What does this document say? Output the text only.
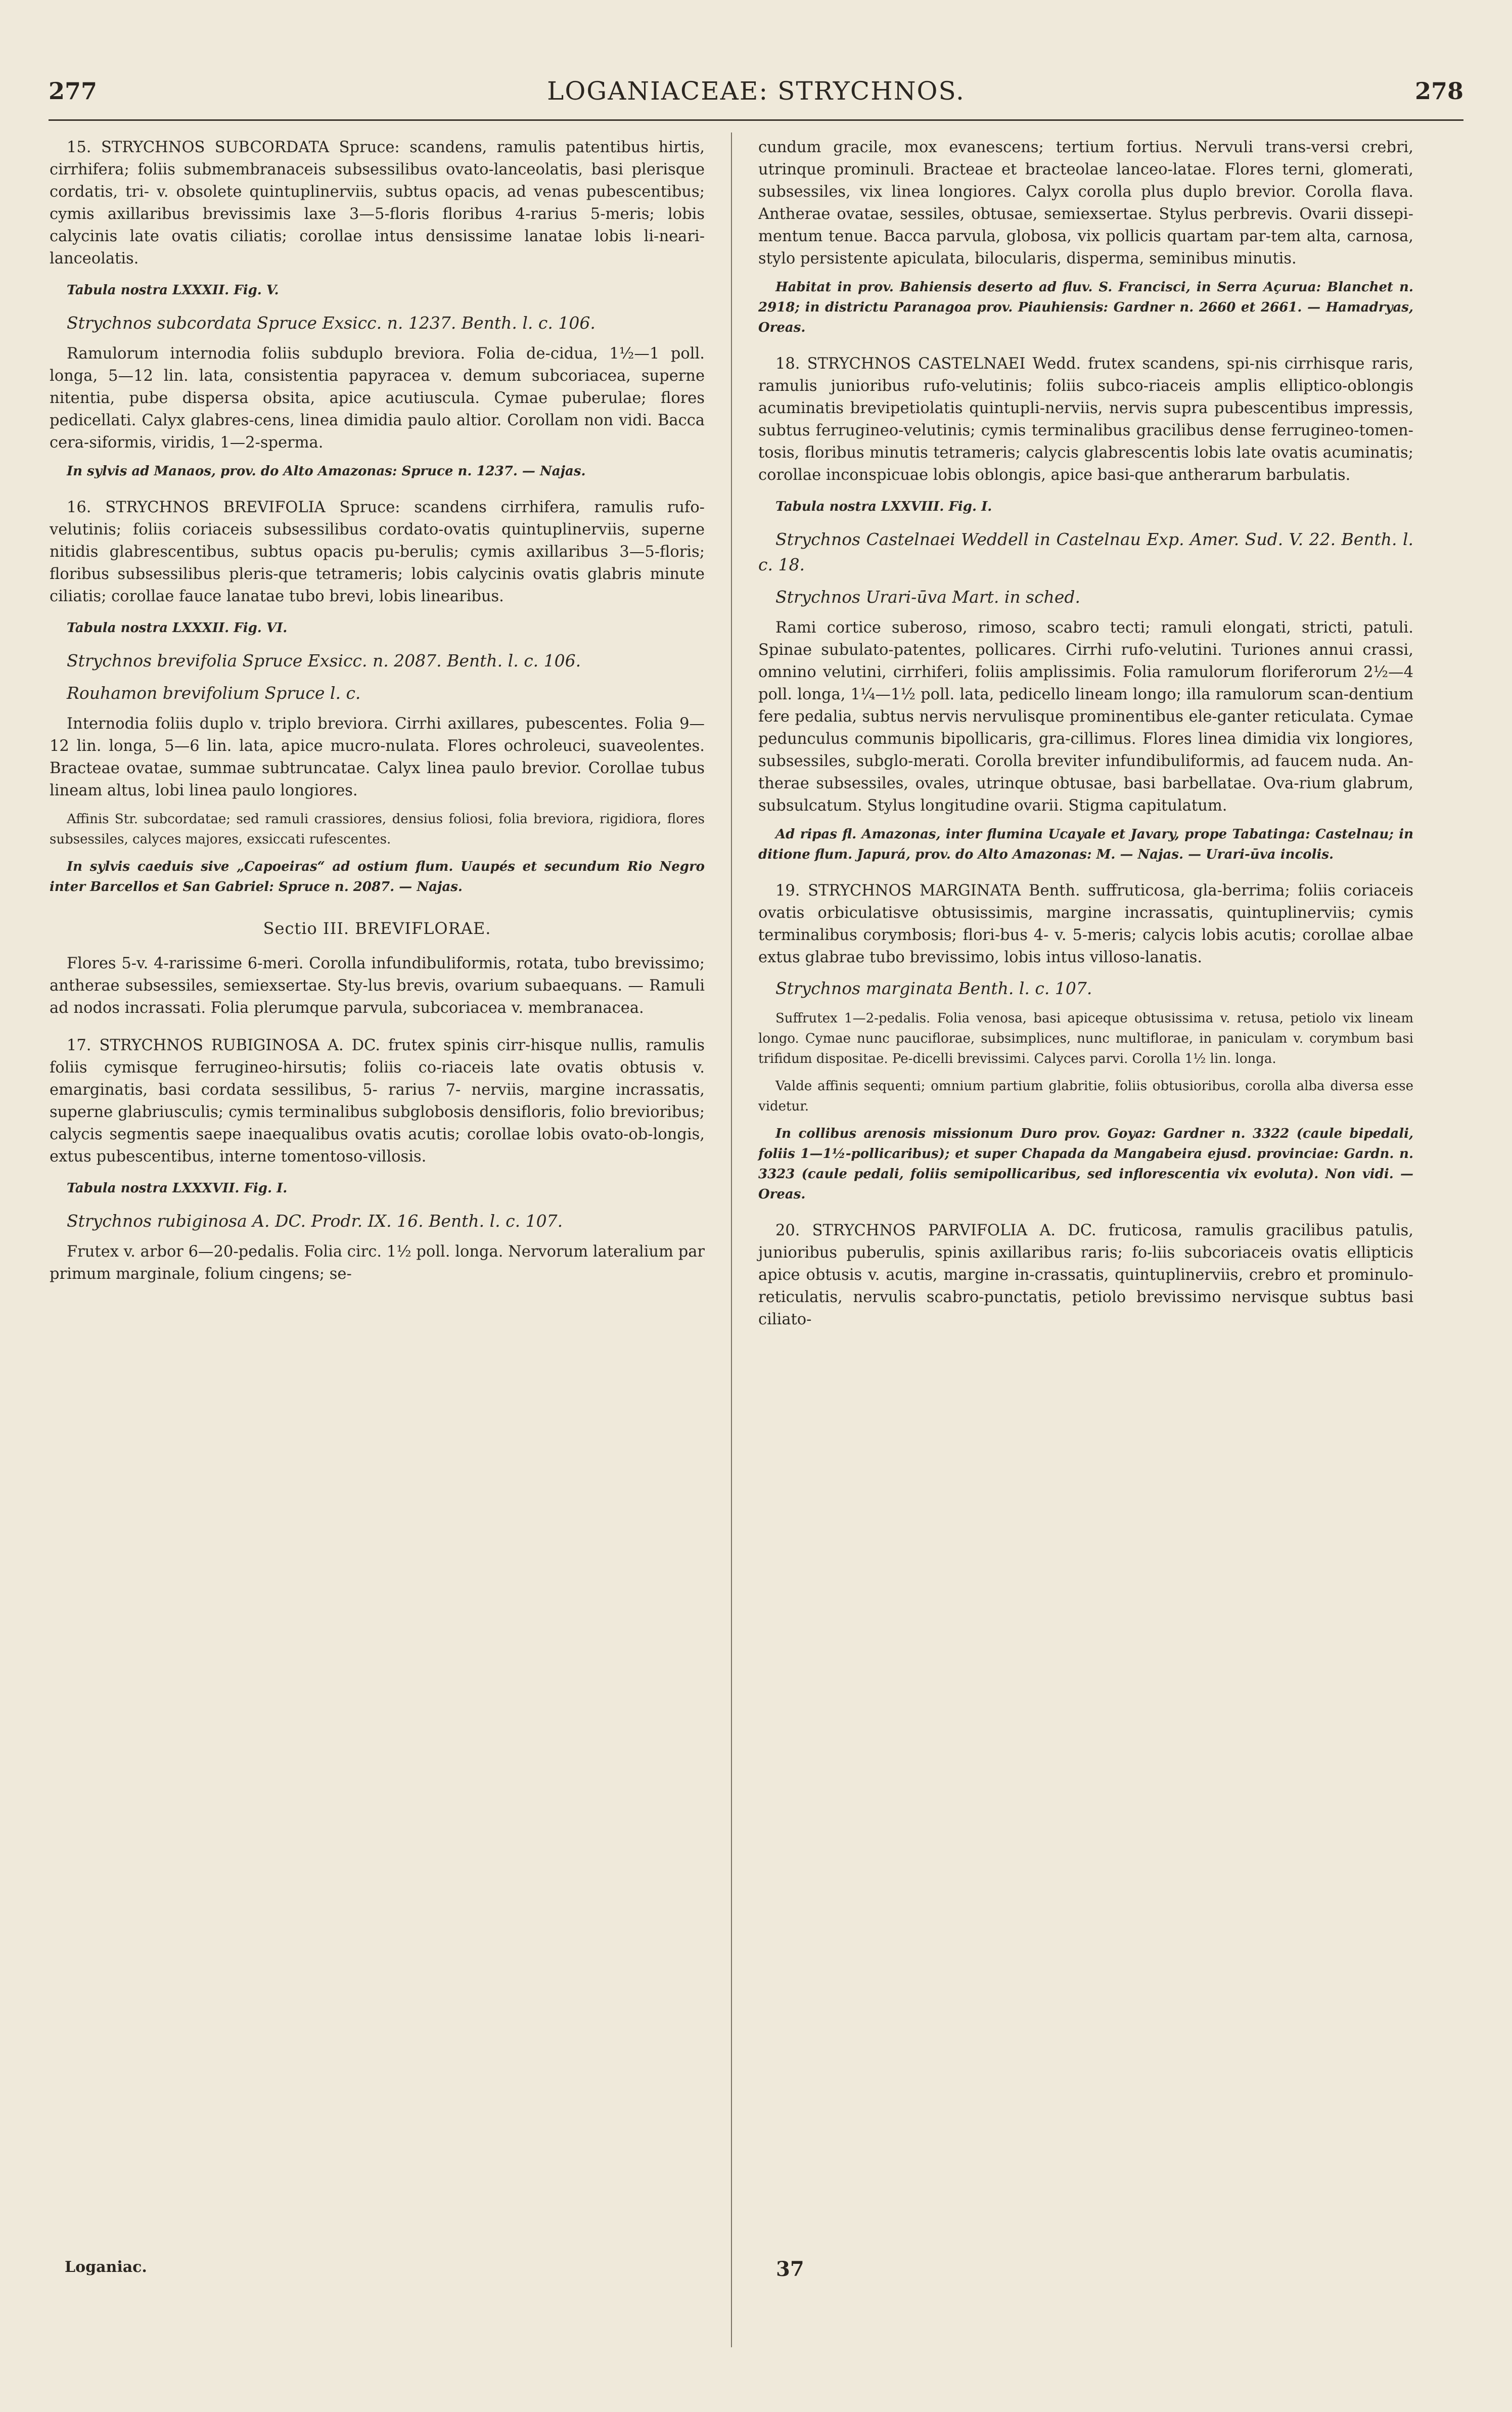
277	LOGANIACEAE: STRYCHNOS.	278

15. STRYCHNOS SUBCORDATA Spruce: scandens, ramulis patentibus hirtis, cirrhifera; foliis submembranaceis subsessilibus ovato-lanceolatis, basi plerisque cordatis, tri- v. obsolete quintuplinerviis, subtus opacis, ad venas pubescentibus; cymis axillaribus brevissimis laxe 3—5-floris floribus 4-rarius 5-meris; lobis calycinis late ovatis ciliatis; corollae intus densissime lanatae lobis li-neari-lanceolatis.

Tabula nostra LXXXII. Fig. V.

Strychnos subcordata Spruce Exsicc. n. 1237. Benth. l. c. 106.

Ramulorum internodia foliis subduplo breviora. Folia de-cidua, 1½—1 poll. longa, 5—12 lin. lata, consistentia papyracea v. demum subcoriacea, superne nitentia, pube dispersa obsita, apice acutiuscula. Cymae puberulae; flores pedicellati. Calyx glabres-cens, linea dimidia paulo altior. Corollam non vidi. Bacca cera-siformis, viridis, 1—2-sperma.

In sylvis ad Manaos, prov. do Alto Amazonas: Spruce n. 1237. — Najas.

16. STRYCHNOS BREVIFOLIA Spruce: scandens cirrhifera, ramulis rufo-velutinis; foliis coriaceis subsessilibus cordato-ovatis quintuplinerviis, superne nitidis glabrescentibus, subtus opacis pu-berulis; cymis axillaribus 3—5-floris; floribus subsessilibus pleris-que tetrameris; lobis calycinis ovatis glabris minute ciliatis; corollae fauce lanatae tubo brevi, lobis linearibus.

Tabula nostra LXXXII. Fig. VI.

Strychnos brevifolia Spruce Exsicc. n. 2087. Benth. l. c. 106.

Rouhamon brevifolium Spruce l. c.

Internodia foliis duplo v. triplo breviora. Cirrhi axillares, pubescentes. Folia 9—12 lin. longa, 5—6 lin. lata, apice mucro-nulata. Flores ochroleuci, suaveolentes. Bracteae ovatae, summae subtruncatae. Calyx linea paulo brevior. Corollae tubus lineam altus, lobi linea paulo longiores.

Affinis Str. subcordatae; sed ramuli crassiores, densius foliosi, folia breviora, rigidiora, flores subsessiles, calyces majores, exsiccati rufescentes.

In sylvis caeduis sive „Capoeiras“ ad ostium flum. Uaupés et secundum Rio Negro inter Barcellos et San Gabriel: Spruce n. 2087. — Najas.

Sectio III. BREVIFLORAE.

Flores 5-v. 4-rarissime 6-meri. Corolla infundibuliformis, rotata, tubo brevissimo; antherae subsessiles, semiexsertae. Sty-lus brevis, ovarium subaequans. — Ramuli ad nodos incrassati. Folia plerumque parvula, subcoriacea v. membranacea.

17. STRYCHNOS RUBIGINOSA A. DC. frutex spinis cirr-hisque nullis, ramulis foliis cymisque ferrugineo-hirsutis; foliis co-riaceis late ovatis obtusis v. emarginatis, basi cordata sessilibus, 5- rarius 7- nerviis, margine incrassatis, superne glabriusculis; cymis terminalibus subglobosis densifloris, folio brevioribus; calycis segmentis saepe inaequalibus ovatis acutis; corollae lobis ovato-ob-longis, extus pubescentibus, interne tomentoso-villosis.

Tabula nostra LXXXVII. Fig. I.

Strychnos rubiginosa A. DC. Prodr. IX. 16. Benth. l. c. 107.

Frutex v. arbor 6—20-pedalis. Folia circ. 1½ poll. longa. Nervorum lateralium par primum marginale, folium cingens; se-

Loganiac.

cundum gracile, mox evanescens; tertium fortius. Nervuli trans-versi crebri, utrinque prominuli. Bracteae et bracteolae lanceo-latae. Flores terni, glomerati, subsessiles, vix linea longiores. Calyx corolla plus duplo brevior. Corolla flava. Antherae ovatae, sessiles, obtusae, semiexsertae. Stylus perbrevis. Ovarii dissepi-mentum tenue. Bacca parvula, globosa, vix pollicis quartam par-tem alta, carnosa, stylo persistente apiculata, bilocularis, disperma, seminibus minutis.

Habitat in prov. Bahiensis deserto ad fluv. S. Francisci, in Serra Açurua: Blanchet n. 2918; in districtu Paranagoa prov. Piauhiensis: Gardner n. 2660 et 2661. — Hamadryas, Oreas.

18. STRYCHNOS CASTELNAEI Wedd. frutex scandens, spi-nis cirrhisque raris, ramulis junioribus rufo-velutinis; foliis subco-riaceis amplis elliptico-oblongis acuminatis brevipetiolatis quintupli-nerviis, nervis supra pubescentibus impressis, subtus ferrugineo-velutinis; cymis terminalibus gracilibus dense ferrugineo-tomen-tosis, floribus minutis tetrameris; calycis glabrescentis lobis late ovatis acuminatis; corollae inconspicuae lobis oblongis, apice basi-que antherarum barbulatis.

Tabula nostra LXXVIII. Fig. I.

Strychnos Castelnaei Weddell in Castelnau Exp. Amer. Sud. V. 22. Benth. l. c. 18.

Strychnos Urari-ūva Mart. in sched.

Rami cortice suberoso, rimoso, scabro tecti; ramuli elongati, stricti, patuli. Spinae subulato-patentes, pollicares. Cirrhi rufo-velutini. Turiones annui crassi, omnino velutini, cirrhiferi, foliis amplissimis. Folia ramulorum floriferorum 2½—4 poll. longa, 1¼—1½ poll. lata, pedicello lineam longo; illa ramulorum scan-dentium fere pedalia, subtus nervis nervulisque prominentibus ele-ganter reticulata. Cymae pedunculus communis bipollicaris, gra-cillimus. Flores linea dimidia vix longiores, subsessiles, subglo-merati. Corolla breviter infundibuliformis, ad faucem nuda. An-therae subsessiles, ovales, utrinque obtusae, basi barbellatae. Ova-rium glabrum, subsulcatum. Stylus longitudine ovarii. Stigma capitulatum.

Ad ripas fl. Amazonas, inter flumina Ucayale et Javary, prope Tabatinga: Castelnau; in ditione flum. Japurá, prov. do Alto Amazonas: M. — Najas. — Urari-ūva incolis.

19. STRYCHNOS MARGINATA Benth. suffruticosa, gla-berrima; foliis coriaceis ovatis orbiculatisve obtusissimis, margine incrassatis, quintuplinerviis; cymis terminalibus corymbosis; flori-bus 4- v. 5-meris; calycis lobis acutis; corollae albae extus glabrae tubo brevissimo, lobis intus villoso-lanatis.

Strychnos marginata Benth. l. c. 107.

Suffrutex 1—2-pedalis. Folia venosa, basi apiceque obtusissima v. retusa, petiolo vix lineam longo. Cymae nunc pauciflorae, subsimplices, nunc multiflorae, in paniculam v. corymbum basi trifidum dispositae. Pe-dicelli brevissimi. Calyces parvi. Corolla 1½ lin. longa.

Valde affinis sequenti; omnium partium glabritie, foliis obtusioribus, corolla alba diversa esse videtur.

In collibus arenosis missionum Duro prov. Goyaz: Gardner n. 3322 (caule bipedali, foliis 1—1½-pollicaribus); et super Chapada da Mangabeira ejusd. provinciae: Gardn. n. 3323 (caule pedali, foliis semipollicaribus, sed inflorescentia vix evoluta). Non vidi. — Oreas.

20. STRYCHNOS PARVIFOLIA A. DC. fruticosa, ramulis gracilibus patulis, junioribus puberulis, spinis axillaribus raris; fo-liis subcoriaceis ovatis ellipticis apice obtusis v. acutis, margine in-crassatis, quintuplinerviis, crebro et prominulo-reticulatis, nervulis scabro-punctatis, petiolo brevissimo nervisque subtus basi ciliato-

37
